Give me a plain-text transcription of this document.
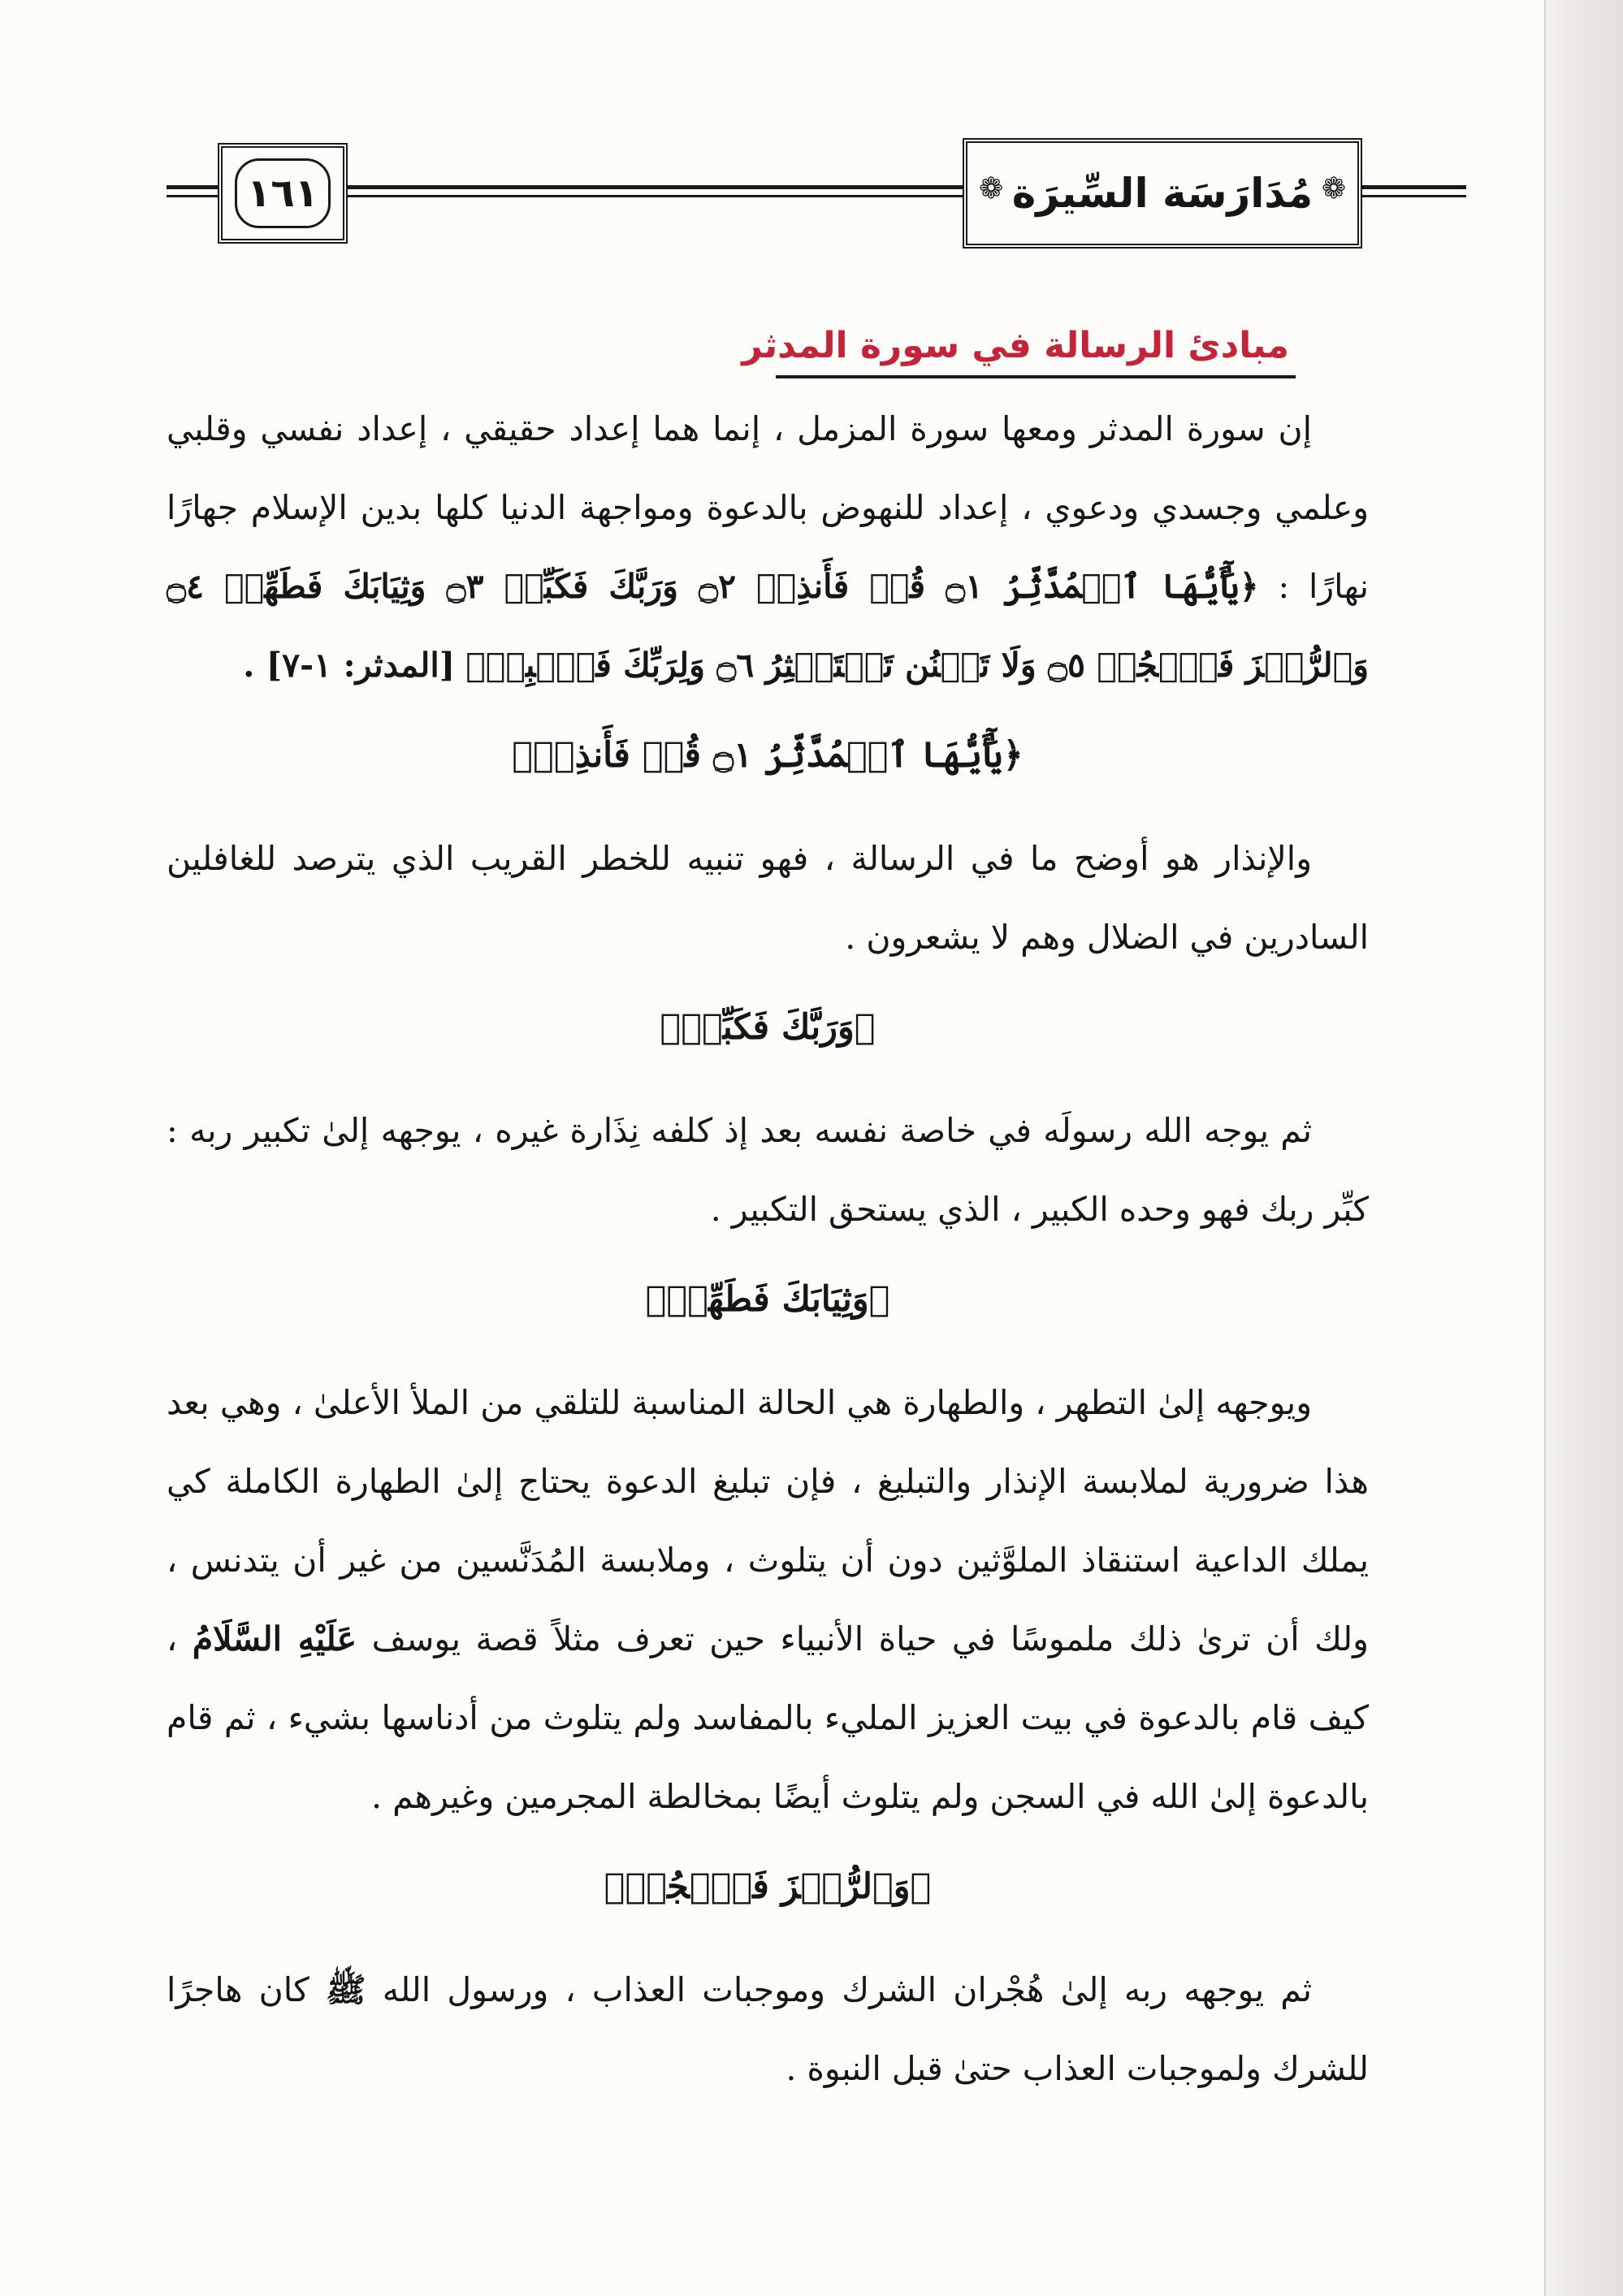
١٦١	❁
مُدَارَسَة السِّيرَة
❁
مبادئ الرسالة في سورة المدثر

إن سورة المدثر ومعها سورة المزمل ، إنما هما إعداد حقيقي ، إعداد نفسي وقلبي وعلمي وجسدي ودعوي ، إعداد للنهوض بالدعوة ومواجهة الدنيا كلها بدين الإسلام جهارًا نهارًا : ﴿يَٰٓأَيُّهَا ٱلۡمُدَّثِّرُ ۝١ قُمۡ فَأَنذِرۡ ۝٢ وَرَبَّكَ فَكَبِّرۡ ۝٣ وَثِيَابَكَ فَطَهِّرۡ ۝٤ وَٱلرُّجۡزَ فَٱهۡجُرۡ ۝٥ وَلَا تَمۡنُن تَسۡتَكۡثِرُ ۝٦ وَلِرَبِّكَ فَٱصۡبِرۡ﴾ [المدثر: ١-٧] .

﴿يَٰٓأَيُّهَا ٱلۡمُدَّثِّرُ ۝١ قُمۡ فَأَنذِرۡ﴾

والإنذار هو أوضح ما في الرسالة ، فهو تنبيه للخطر القريب الذي يترصد للغافلين السادرين في الضلال وهم لا يشعرون .

﴿وَرَبَّكَ فَكَبِّرۡ﴾

ثم يوجه الله رسولَه في خاصة نفسه بعد إذ كلفه نِذَارة غيره ، يوجهه إلىٰ تكبير ربه : كبِّر ربك فهو وحده الكبير ، الذي يستحق التكبير .

﴿وَثِيَابَكَ فَطَهِّرۡ﴾

ويوجهه إلىٰ التطهر ، والطهارة هي الحالة المناسبة للتلقي من الملأ الأعلىٰ ، وهي بعد هذا ضرورية لملابسة الإنذار والتبليغ ، فإن تبليغ الدعوة يحتاج إلىٰ الطهارة الكاملة كي يملك الداعية استنقاذ الملوَّثين دون أن يتلوث ، وملابسة المُدَنَّسين من غير أن يتدنس ، ولك أن ترىٰ ذلك ملموسًا في حياة الأنبياء حين تعرف مثلاً قصة يوسف عَلَيْهِ السَّلَامُ ، كيف قام بالدعوة في بيت العزيز المليء بالمفاسد ولم يتلوث من أدناسها بشيء ، ثم قام بالدعوة إلىٰ الله في السجن ولم يتلوث أيضًا بمخالطة المجرمين وغيرهم .

﴿وَٱلرُّجۡزَ فَٱهۡجُرۡ﴾

ثم يوجهه ربه إلىٰ هُجْران الشرك وموجبات العذاب ، ورسول الله ﷺ كان هاجرًا للشرك ولموجبات العذاب حتىٰ قبل النبوة .
